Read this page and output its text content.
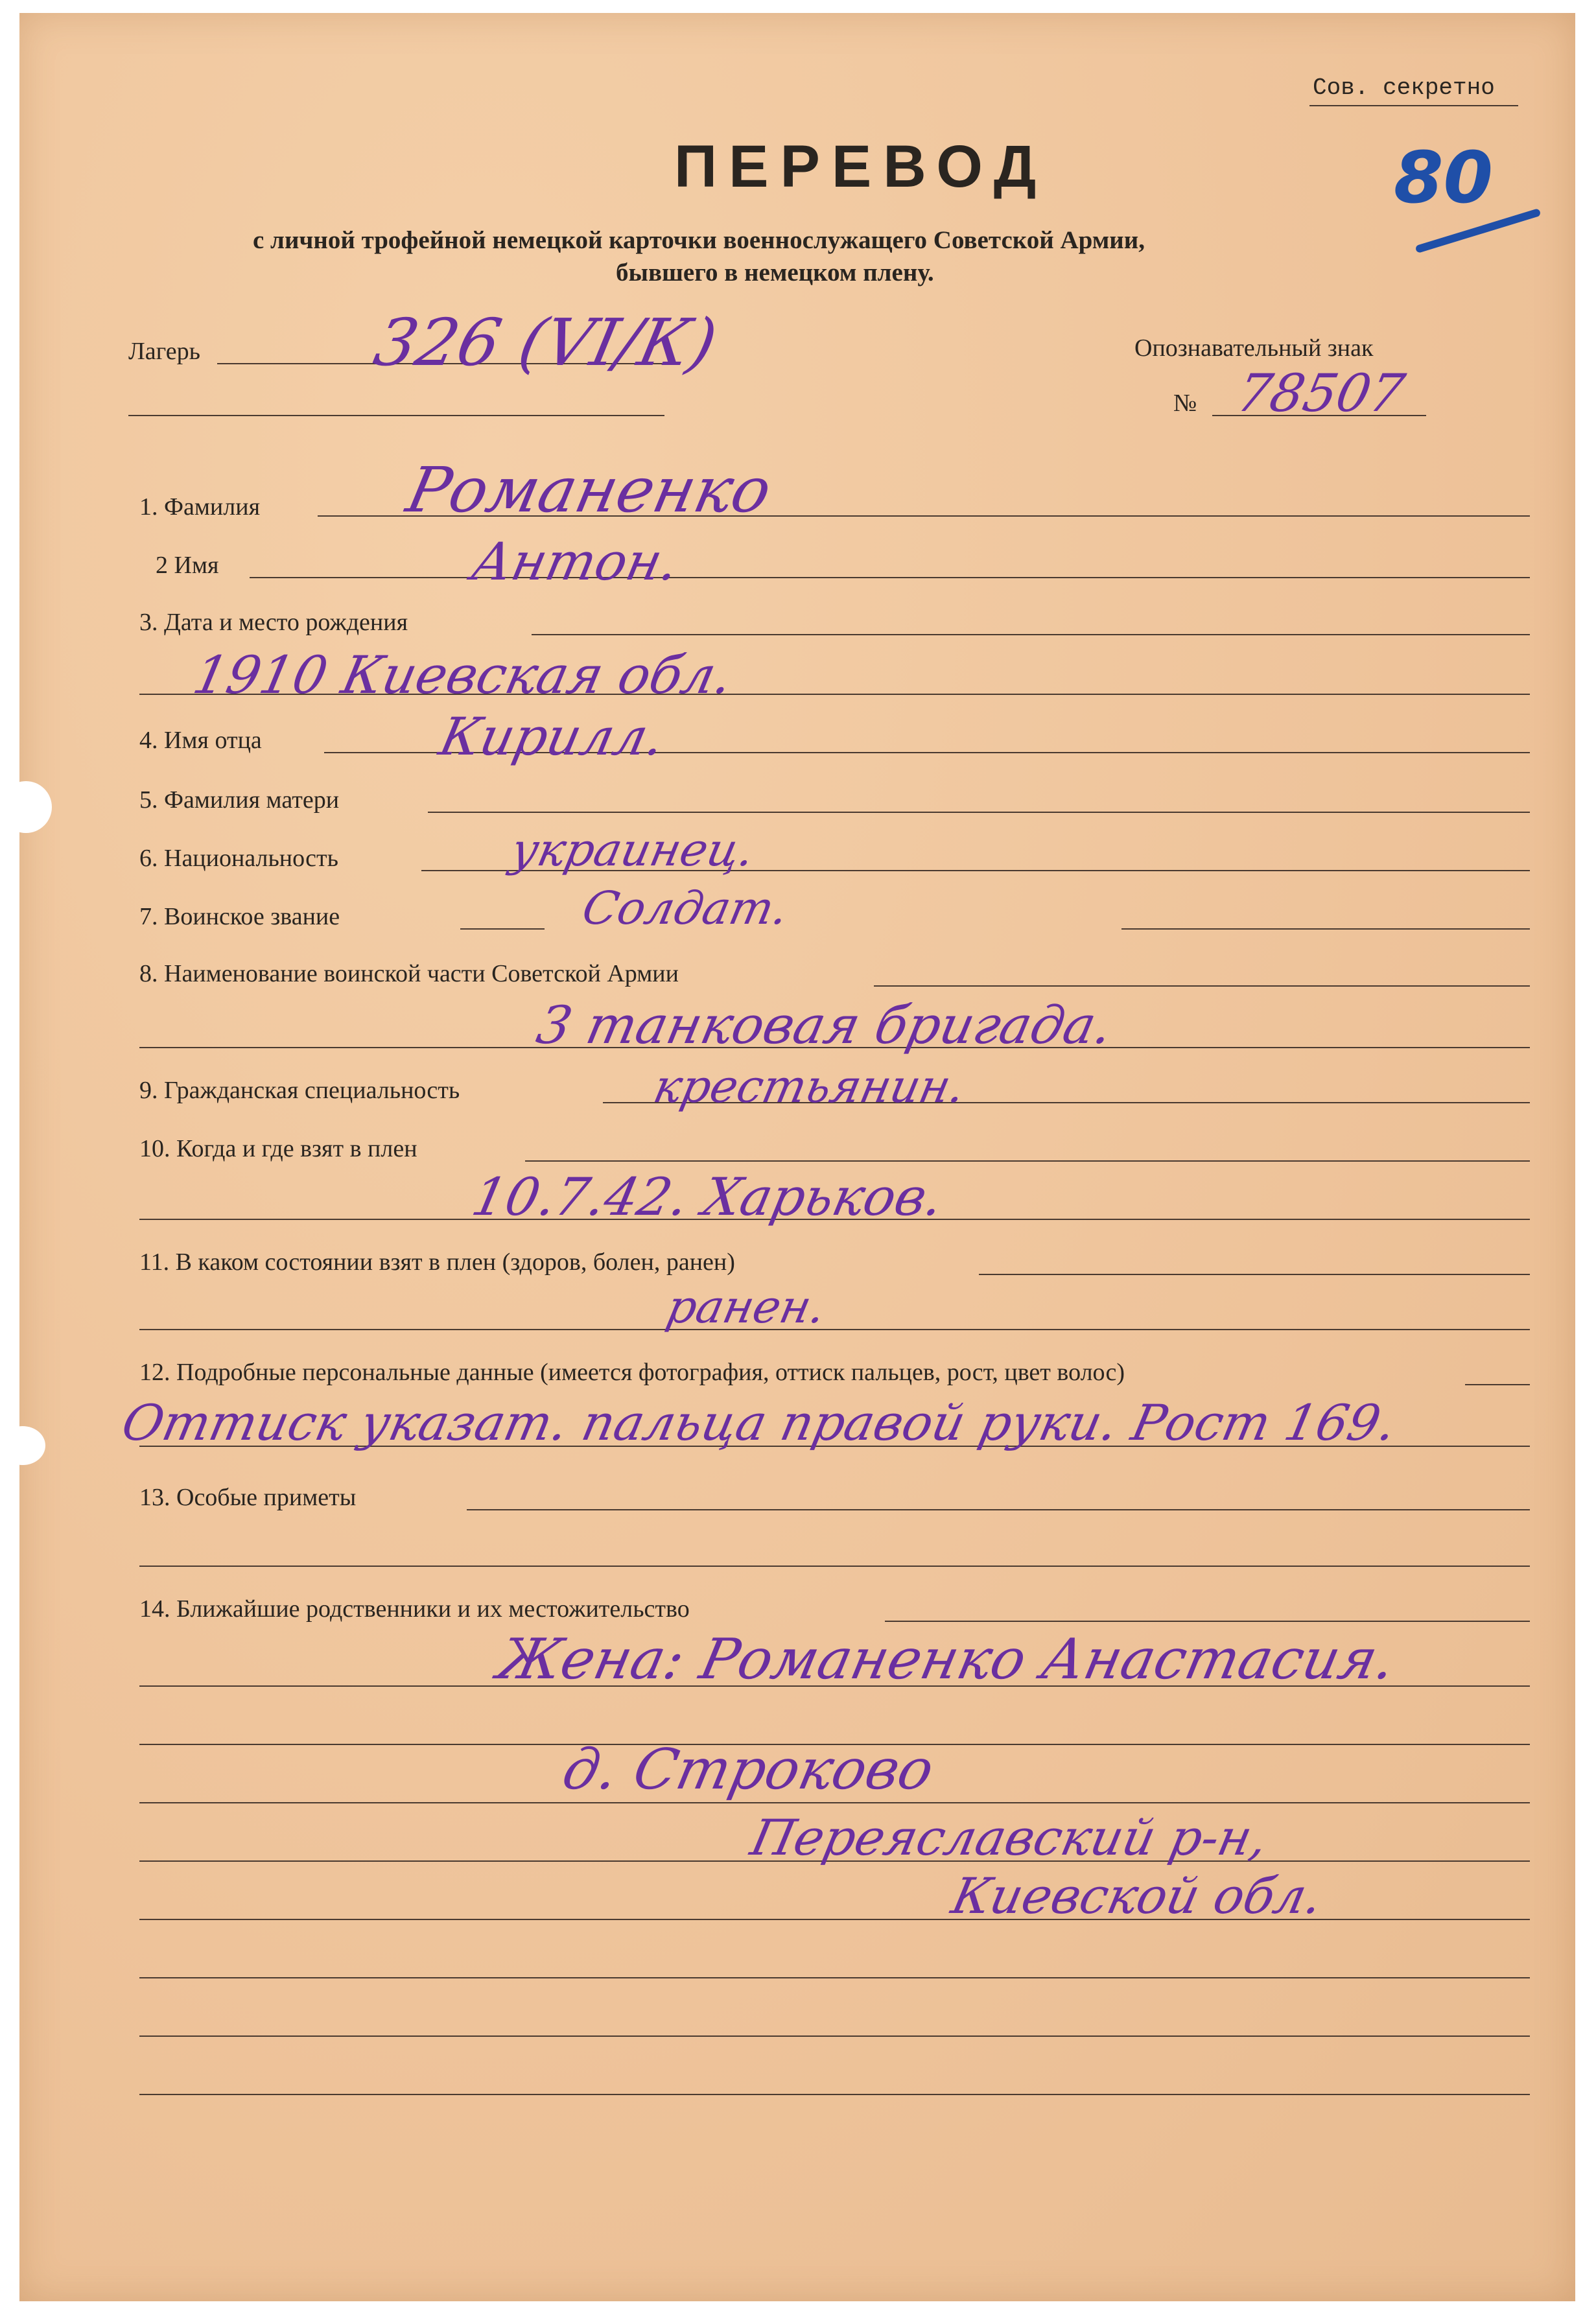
Сов. секретно
80
ПЕРЕВОД
с личной трофейной немецкой карточки военнослужащего Советской Армии,
бывшего в немецком плену.
Лагерь	326 (VI/К)	Опознавательный знак
№ 78507
1. Фамилия Романенко
2 Имя	Антон.
3. Дата и место рождения
1910 Киевская обл.
4. Имя отца	Кирилл.
5. Фамилия матери
6. Национальность	украинец.
7. Воинское звание	Солдат.
8. Наименование воинской части Советской Армии
3 танковая бригада.
9. Гражданская специальность	крестьянин.
10. Когда и где взят в плен
10.7.42. Харьков.
11. В каком состоянии взят в плен (здоров, болен, ранен)
ранен.
12. Подробные персональные данные (имеется фотография, оттиск пальцев, рост, цвет волос)
Оттиск указат. пальца правой руки. Рост 169.
13. Особые приметы
14. Ближайшие родственники и их местожительство
Жена: Романенко Анастасия.
д. Строково
Переяславский р-н,
Киевской обл.
